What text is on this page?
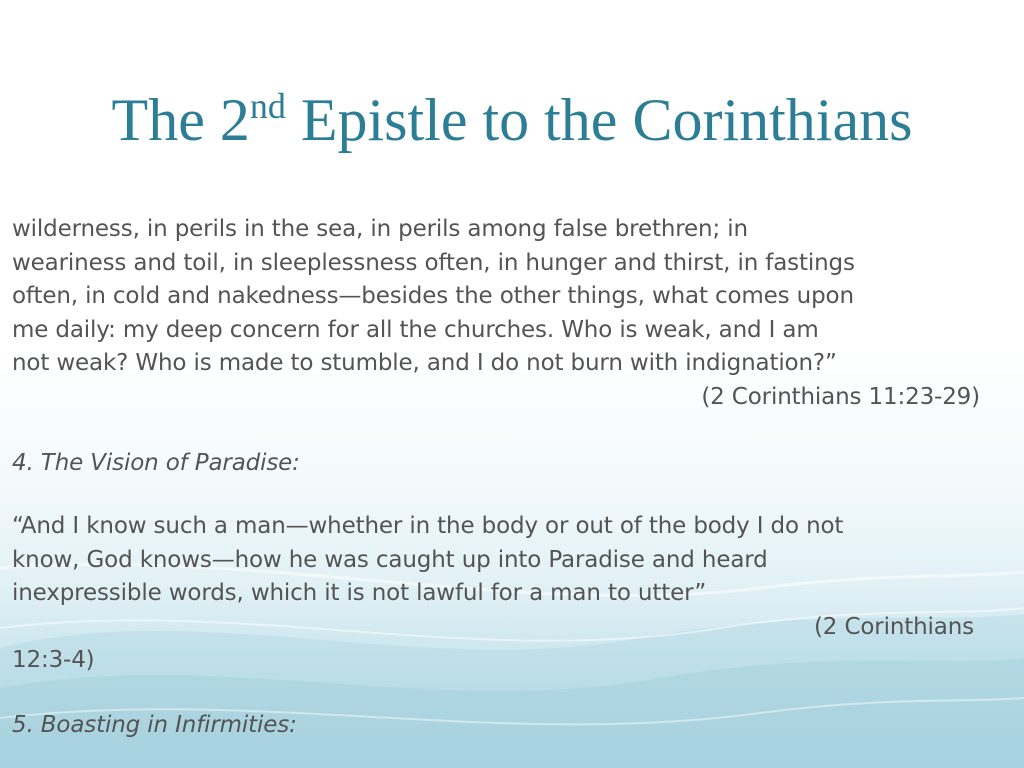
The 2nd Epistle to the Corinthians
wilderness, in perils in the sea, in perils among false brethren; in
weariness and toil, in sleeplessness often, in hunger and thirst, in fastings
often, in cold and nakedness—besides the other things, what comes upon
me daily: my deep concern for all the churches. Who is weak, and I am
not weak? Who is made to stumble, and I do not burn with indignation?”
(2 Corinthians 11:23-29)
4. The Vision of Paradise:
“And I know such a man—whether in the body or out of the body I do not
know, God knows—how he was caught up into Paradise and heard
inexpressible words, which it is not lawful for a man to utter”
(2 Corinthians
12:3-4)
5. Boasting in Infirmities:
